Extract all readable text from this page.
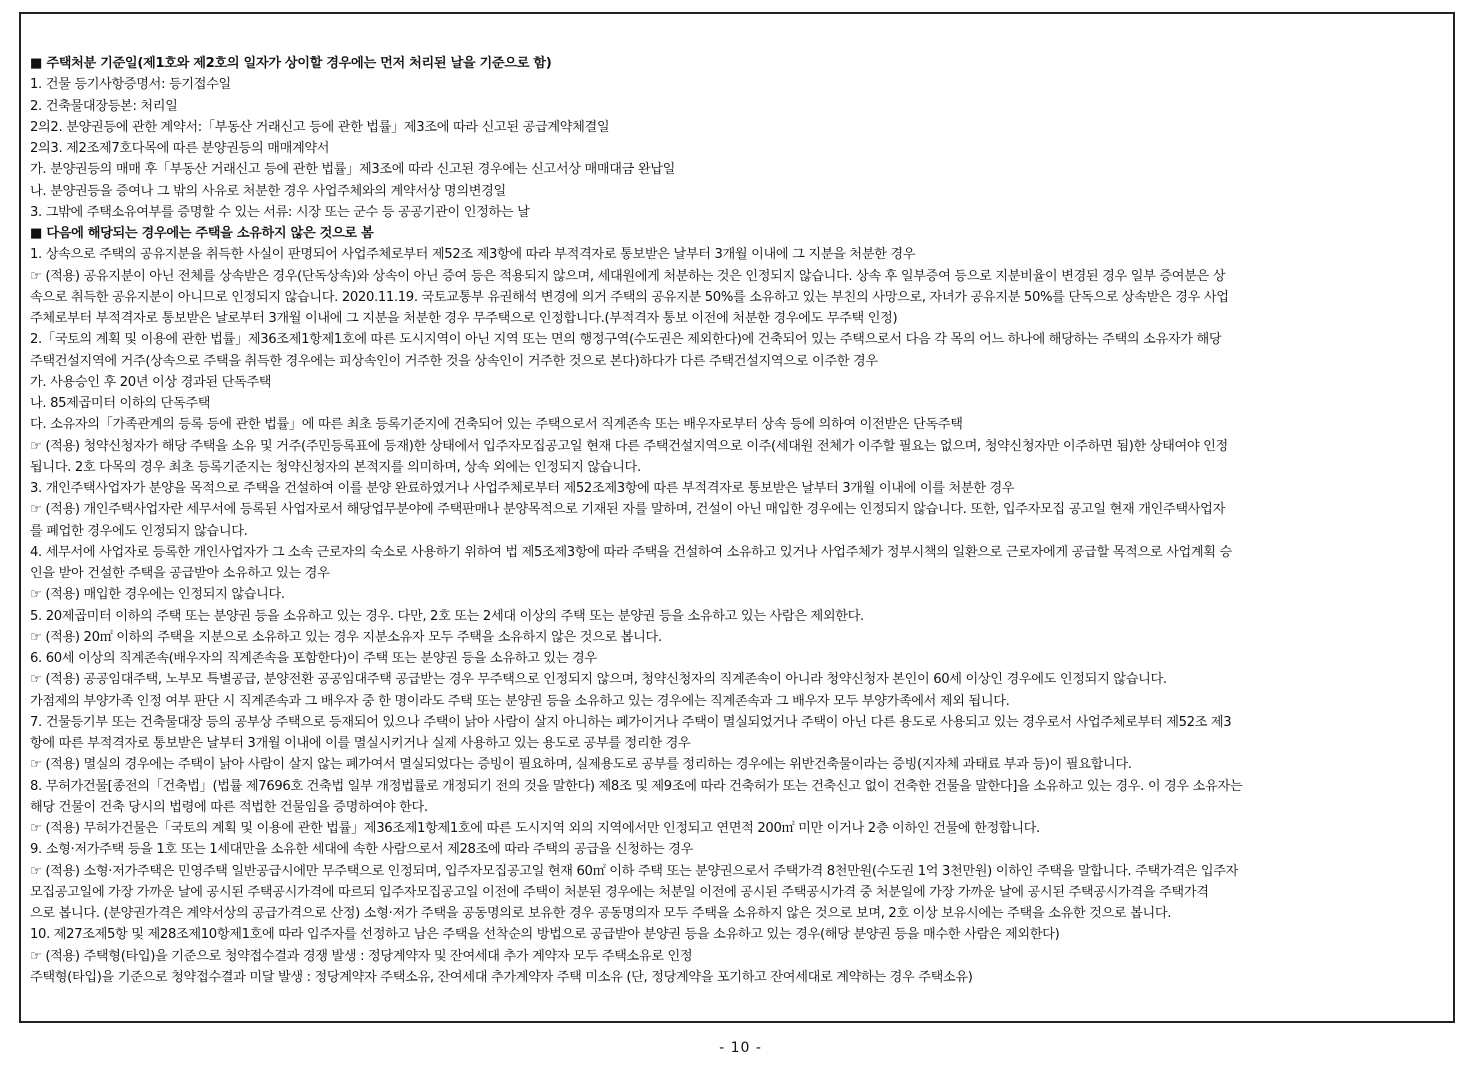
■ 주택처분 기준일(제1호와 제2호의 일자가 상이할 경우에는 먼저 처리된 날을 기준으로 함)
1. 건물 등기사항증명서: 등기접수일
2. 건축물대장등본: 처리일
2의2. 분양권등에 관한 계약서:「부동산 거래신고 등에 관한 법률」제3조에 따라 신고된 공급계약체결일
2의3. 제2조제7호다목에 따른 분양권등의 매매계약서
가. 분양권등의 매매 후「부동산 거래신고 등에 관한 법률」제3조에 따라 신고된 경우에는 신고서상 매매대금 완납일
나. 분양권등을 증여나 그 밖의 사유로 처분한 경우 사업주체와의 계약서상 명의변경일
3. 그밖에 주택소유여부를 증명할 수 있는 서류: 시장 또는 군수 등 공공기관이 인정하는 날
■ 다음에 해당되는 경우에는 주택을 소유하지 않은 것으로 봄
1. 상속으로 주택의 공유지분을 취득한 사실이 판명되어 사업주체로부터 제52조 제3항에 따라 부적격자로 통보받은 날부터 3개월 이내에 그 지분을 처분한 경우
☞ (적용) 공유지분이 아닌 전체를 상속받은 경우(단독상속)와 상속이 아닌 증여 등은 적용되지 않으며, 세대원에게 처분하는 것은 인정되지 않습니다. 상속 후 일부증여 등으로 지분비율이 변경된 경우 일부 증여분은 상
속으로 취득한 공유지분이 아니므로 인정되지 않습니다. 2020.11.19. 국토교통부 유권해석 변경에 의거 주택의 공유지분 50%를 소유하고 있는 부친의 사망으로, 자녀가 공유지분 50%를 단독으로 상속받은 경우 사업
주체로부터 부적격자로 통보받은 날로부터 3개월 이내에 그 지분을 처분한 경우 무주택으로 인정합니다.(부적격자 통보 이전에 처분한 경우에도 무주택 인정)
2.「국토의 계획 및 이용에 관한 법률」제36조제1항제1호에 따른 도시지역이 아닌 지역 또는 면의 행정구역(수도권은 제외한다)에 건축되어 있는 주택으로서 다음 각 목의 어느 하나에 해당하는 주택의 소유자가 해당
주택건설지역에 거주(상속으로 주택을 취득한 경우에는 피상속인이 거주한 것을 상속인이 거주한 것으로 본다)하다가 다른 주택건설지역으로 이주한 경우
가. 사용승인 후 20년 이상 경과된 단독주택
나. 85제곱미터 이하의 단독주택
다. 소유자의「가족관계의 등록 등에 관한 법률」에 따른 최초 등록기준지에 건축되어 있는 주택으로서 직계존속 또는 배우자로부터 상속 등에 의하여 이전받은 단독주택
☞ (적용) 청약신청자가 해당 주택을 소유 및 거주(주민등록표에 등재)한 상태에서 입주자모집공고일 현재 다른 주택건설지역으로 이주(세대원 전체가 이주할 필요는 없으며, 청약신청자만 이주하면 됨)한 상태여야 인정
됩니다. 2호 다목의 경우 최초 등록기준지는 청약신청자의 본적지를 의미하며, 상속 외에는 인정되지 않습니다.
3. 개인주택사업자가 분양을 목적으로 주택을 건설하여 이를 분양 완료하였거나 사업주체로부터 제52조제3항에 따른 부적격자로 통보받은 날부터 3개월 이내에 이를 처분한 경우
☞ (적용) 개인주택사업자란 세무서에 등록된 사업자로서 해당업무분야에 주택판매나 분양목적으로 기재된 자를 말하며, 건설이 아닌 매입한 경우에는 인정되지 않습니다. 또한, 입주자모집 공고일 현재 개인주택사업자
를 폐업한 경우에도 인정되지 않습니다.
4. 세무서에 사업자로 등록한 개인사업자가 그 소속 근로자의 숙소로 사용하기 위하여 법 제5조제3항에 따라 주택을 건설하여 소유하고 있거나 사업주체가 정부시책의 일환으로 근로자에게 공급할 목적으로 사업계획 승
인을 받아 건설한 주택을 공급받아 소유하고 있는 경우
☞ (적용) 매입한 경우에는 인정되지 않습니다.
5. 20제곱미터 이하의 주택 또는 분양권 등을 소유하고 있는 경우. 다만, 2호 또는 2세대 이상의 주택 또는 분양권 등을 소유하고 있는 사람은 제외한다.
☞ (적용) 20㎡ 이하의 주택을 지분으로 소유하고 있는 경우 지분소유자 모두 주택을 소유하지 않은 것으로 봅니다.
6. 60세 이상의 직계존속(배우자의 직계존속을 포함한다)이 주택 또는 분양권 등을 소유하고 있는 경우
☞ (적용) 공공임대주택, 노부모 특별공급, 분양전환 공공임대주택 공급받는 경우 무주택으로 인정되지 않으며, 청약신청자의 직계존속이 아니라 청약신청자 본인이 60세 이상인 경우에도 인정되지 않습니다.
가점제의 부양가족 인정 여부 판단 시 직계존속과 그 배우자 중 한 명이라도 주택 또는 분양권 등을 소유하고 있는 경우에는 직계존속과 그 배우자 모두 부양가족에서 제외 됩니다.
7. 건물등기부 또는 건축물대장 등의 공부상 주택으로 등재되어 있으나 주택이 낡아 사람이 살지 아니하는 폐가이거나 주택이 멸실되었거나 주택이 아닌 다른 용도로 사용되고 있는 경우로서 사업주체로부터 제52조 제3
항에 따른 부적격자로 통보받은 날부터 3개월 이내에 이를 멸실시키거나 실제 사용하고 있는 용도로 공부를 정리한 경우
☞ (적용) 멸실의 경우에는 주택이 낡아 사람이 살지 않는 폐가여서 멸실되었다는 증빙이 필요하며, 실제용도로 공부를 정리하는 경우에는 위반건축물이라는 증빙(지자체 과태료 부과 등)이 필요합니다.
8. 무허가건물[종전의「건축법」(법률 제7696호 건축법 일부 개정법률로 개정되기 전의 것을 말한다) 제8조 및 제9조에 따라 건축허가 또는 건축신고 없이 건축한 건물을 말한다]을 소유하고 있는 경우. 이 경우 소유자는
해당 건물이 건축 당시의 법령에 따른 적법한 건물임을 증명하여야 한다.
☞ (적용) 무허가건물은「국토의 계획 및 이용에 관한 법률」제36조제1항제1호에 따른 도시지역 외의 지역에서만 인정되고 연면적 200㎡ 미만 이거나 2층 이하인 건물에 한정합니다.
9. 소형·저가주택 등을 1호 또는 1세대만을 소유한 세대에 속한 사람으로서 제28조에 따라 주택의 공급을 신청하는 경우
☞ (적용) 소형·저가주택은 민영주택 일반공급시에만 무주택으로 인정되며, 입주자모집공고일 현재 60㎡ 이하 주택 또는 분양권으로서 주택가격 8천만원(수도권 1억 3천만원) 이하인 주택을 말합니다. 주택가격은 입주자
모집공고일에 가장 가까운 날에 공시된 주택공시가격에 따르되 입주자모집공고일 이전에 주택이 처분된 경우에는 처분일 이전에 공시된 주택공시가격 중 처분일에 가장 가까운 날에 공시된 주택공시가격을 주택가격
으로 봅니다. (분양권가격은 계약서상의 공급가격으로 산정) 소형·저가 주택을 공동명의로 보유한 경우 공동명의자 모두 주택을 소유하지 않은 것으로 보며, 2호 이상 보유시에는 주택을 소유한 것으로 봅니다.
10. 제27조제5항 및 제28조제10항제1호에 따라 입주자를 선정하고 남은 주택을 선착순의 방법으로 공급받아 분양권 등을 소유하고 있는 경우(해당 분양권 등을 매수한 사람은 제외한다)
☞ (적용) 주택형(타입)을 기준으로 청약접수결과 경쟁 발생 : 정당계약자 및 잔여세대 추가 계약자 모두 주택소유로 인정
주택형(타입)을 기준으로 청약접수결과 미달 발생 : 정당계약자 주택소유, 잔여세대 추가계약자 주택 미소유 (단, 정당계약을 포기하고 잔여세대로 계약하는 경우 주택소유)
- 10 -
